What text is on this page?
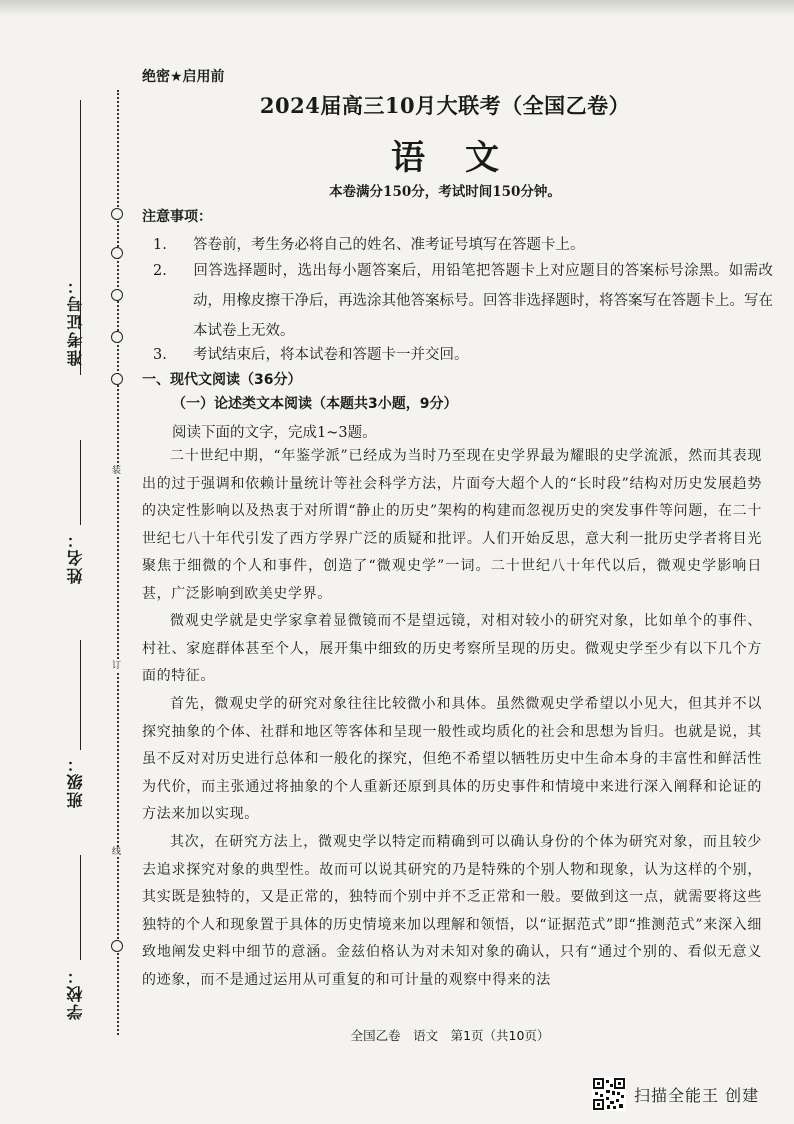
装
订
线
准考证号：
姓名：
班级：
学校：
绝密★启用前
2024届高三10月大联考（全国乙卷）
语文
本卷满分150分，考试时间150分钟。
注意事项：
1. 答卷前，考生务必将自己的姓名、准考证号填写在答题卡上。
2. 回答选择题时，选出每小题答案后，用铅笔把答题卡上对应题目的答案标号涂黑。如需改动，用橡皮擦干净后，再选涂其他答案标号。回答非选择题时，将答案写在答题卡上。写在本试卷上无效。
3. 考试结束后，将本试卷和答题卡一并交回。
一、现代文阅读（36分）
（一）论述类文本阅读（本题共3小题，9分）
阅读下面的文字，完成1~3题。
二十世纪中期，“年鉴学派”已经成为当时乃至现在史学界最为耀眼的史学流派，然而其表现出的过于强调和依赖计量统计等社会科学方法，片面夸大超个人的“长时段”结构对历史发展趋势的决定性影响以及热衷于对所谓“静止的历史”架构的构建而忽视历史的突发事件等问题，在二十世纪七八十年代引发了西方学界广泛的质疑和批评。人们开始反思，意大利一批历史学者将目光聚焦于细微的个人和事件，创造了“微观史学”一词。二十世纪八十年代以后，微观史学影响日甚，广泛影响到欧美史学界。
微观史学就是史学家拿着显微镜而不是望远镜，对相对较小的研究对象，比如单个的事件、村社、家庭群体甚至个人，展开集中细致的历史考察所呈现的历史。微观史学至少有以下几个方面的特征。
首先，微观史学的研究对象往往比较微小和具体。虽然微观史学希望以小见大，但其并不以探究抽象的个体、社群和地区等客体和呈现一般性或均质化的社会和思想为旨归。也就是说，其虽不反对对历史进行总体和一般化的探究，但绝不希望以牺牲历史中生命本身的丰富性和鲜活性为代价，而主张通过将抽象的个人重新还原到具体的历史事件和情境中来进行深入阐释和论证的方法来加以实现。
其次，在研究方法上，微观史学以特定而精确到可以确认身份的个体为研究对象，而且较少去追求探究对象的典型性。故而可以说其研究的乃是特殊的个别人物和现象，认为这样的个别，其实既是独特的，又是正常的，独特而个别中并不乏正常和一般。要做到这一点，就需要将这些独特的个人和现象置于具体的历史情境来加以理解和领悟，以“证据范式”即“推测范式”来深入细致地阐发史料中细节的意涵。金兹伯格认为对未知对象的确认，只有“通过个别的、看似无意义的迹象，而不是通过运用从可重复的和可计量的观察中得来的法
全国乙卷　语文　第1页（共10页）
扫描全能王 创建
